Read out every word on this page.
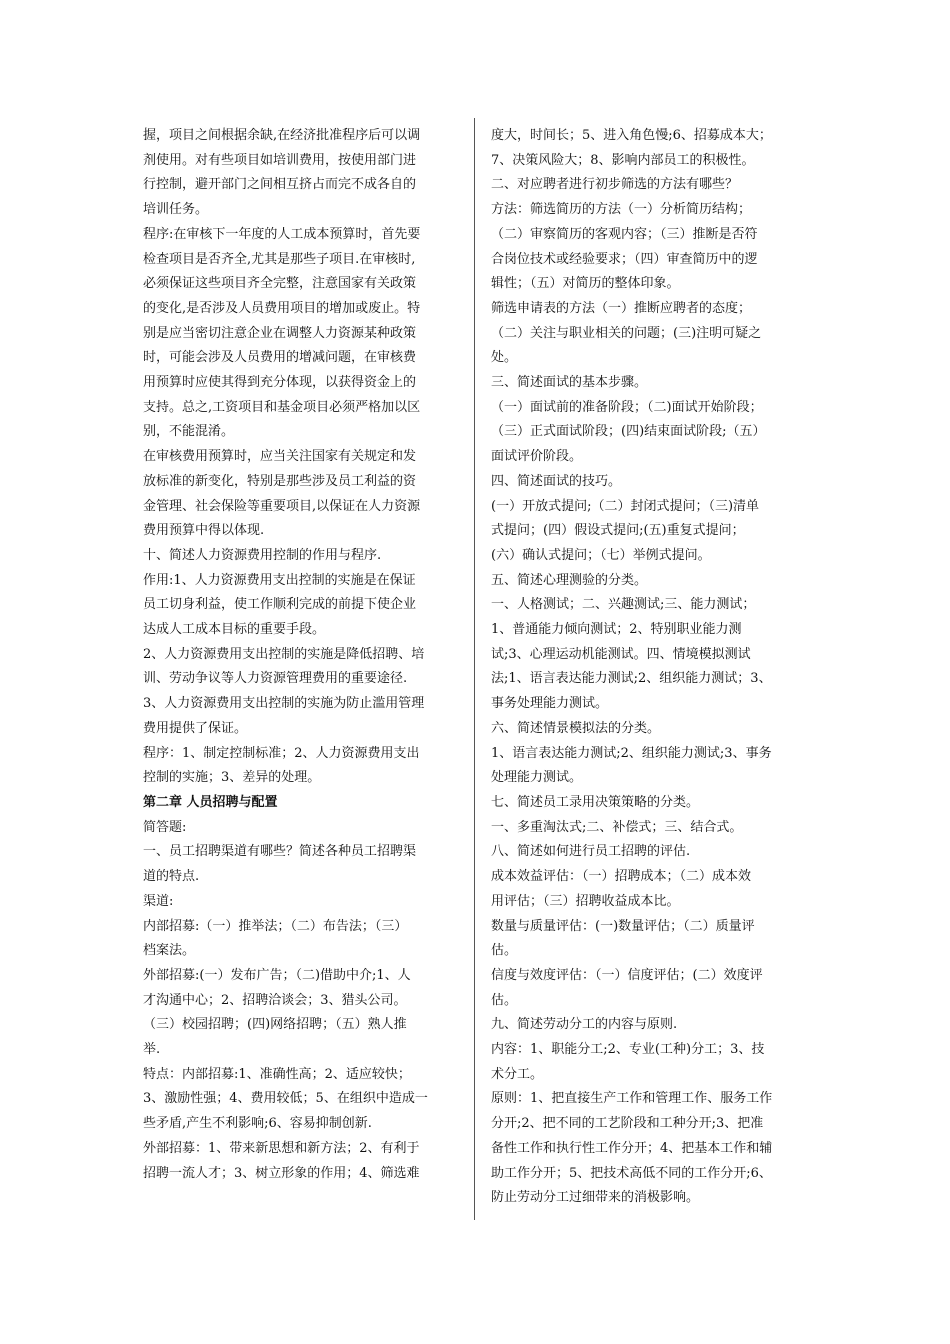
握，项目之间根据余缺,在经济批准程序后可以调
剂使用。对有些项目如培训费用，按使用部门进
行控制，避开部门之间相互挤占而完不成各自的
培训任务。
程序:在审核下一年度的人工成本预算时，首先要
检查项目是否齐全,尤其是那些子项目.在审核时,
必须保证这些项目齐全完整，注意国家有关政策
的变化,是否涉及人员费用项目的增加或废止。特
别是应当密切注意企业在调整人力资源某种政策
时，可能会涉及人员费用的增减问题，在审核费
用预算时应使其得到充分体现，以获得资金上的
支持。总之,工资项目和基金项目必须严格加以区
别，不能混淆。
在审核费用预算时，应当关注国家有关规定和发
放标准的新变化，特别是那些涉及员工利益的资
金管理、社会保险等重要项目,以保证在人力资源
费用预算中得以体现.
十、简述人力资源费用控制的作用与程序.
作用:1、人力资源费用支出控制的实施是在保证
员工切身利益，使工作顺利完成的前提下使企业
达成人工成本目标的重要手段。
2、人力资源费用支出控制的实施是降低招聘、培
训、劳动争议等人力资源管理费用的重要途径.
3、人力资源费用支出控制的实施为防止滥用管理
费用提供了保证。
程序：1、制定控制标准；2、人力资源费用支出
控制的实施；3、差异的处理。
第二章 人员招聘与配置
简答题:
一、员工招聘渠道有哪些？简述各种员工招聘渠
道的特点.
渠道:
内部招募:（一）推举法；（二）布告法；（三）
档案法。
外部招募:(一）发布广告；（二)借助中介;1、人
才沟通中心；2、招聘洽谈会；3、猎头公司。
（三）校园招聘；(四)网络招聘；（五）熟人推
举.
特点：内部招募:1、准确性高；2、适应较快；
3、激励性强；4、费用较低；5、在组织中造成一
些矛盾,产生不利影响;6、容易抑制创新.
外部招募：1、带来新思想和新方法；2、有利于
招聘一流人才；3、树立形象的作用；4、筛选难
度大，时间长；5、进入角色慢;6、招募成本大；
7、决策风险大；8、影响内部员工的积极性。
二、对应聘者进行初步筛选的方法有哪些？
方法：筛选简历的方法（一）分析简历结构；
（二）审察简历的客观内容；（三）推断是否符
合岗位技术或经验要求；（四）审查简历中的逻
辑性；（五）对简历的整体印象。
筛选申请表的方法（一）推断应聘者的态度；
（二）关注与职业相关的问题；(三)注明可疑之
处。
三、简述面试的基本步骤。
（一）面试前的准备阶段；（二)面试开始阶段；
（三）正式面试阶段；(四)结束面试阶段;（五）
面试评价阶段。
四、简述面试的技巧。
(一）开放式提问;（二）封闭式提问；（三)清单
式提问；(四）假设式提问;(五)重复式提问；
(六）确认式提问；（七）举例式提问。
五、简述心理测验的分类。
一、人格测试；二、兴趣测试;三、能力测试；
1、普通能力倾向测试；2、特别职业能力测
试;3、心理运动机能测试。四、情境模拟测试
法;1、语言表达能力测试;2、组织能力测试；3、
事务处理能力测试。
六、简述情景模拟法的分类。
1、语言表达能力测试;2、组织能力测试;3、事务
处理能力测试。
七、简述员工录用决策策略的分类。
一、多重淘汰式;二、补偿式；三、结合式。
八、简述如何进行员工招聘的评估.
成本效益评估：（一）招聘成本；（二）成本效
用评估；（三）招聘收益成本比。
数量与质量评估：(一)数量评估；（二）质量评
估。
信度与效度评估：（一）信度评估；(二）效度评
估。
九、简述劳动分工的内容与原则.
内容：1、职能分工;2、专业(工种)分工；3、技
术分工。
原则：1、把直接生产工作和管理工作、服务工作
分开;2、把不同的工艺阶段和工种分开;3、把准
备性工作和执行性工作分开；4、把基本工作和辅
助工作分开；5、把技术高低不同的工作分开;6、
防止劳动分工过细带来的消极影响。
